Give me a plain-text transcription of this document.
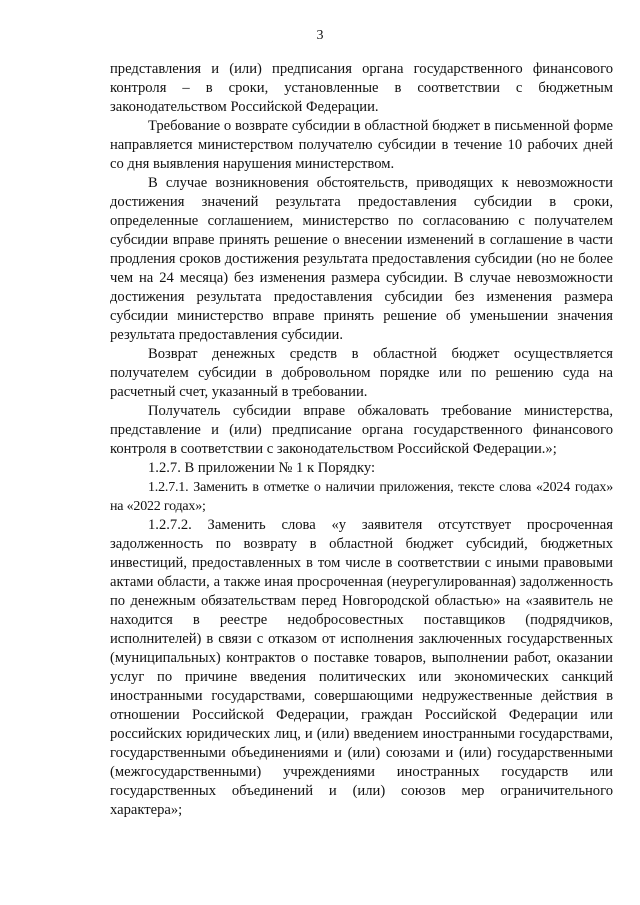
3

представления и (или) предписания органа государственного финансового контроля – в сроки, установленные в соответствии с бюджетным законодательством Российской Федерации.

Требование о возврате субсидии в областной бюджет в письменной форме направляется министерством получателю субсидии в течение 10 рабочих дней со дня выявления нарушения министерством.

В случае возникновения обстоятельств, приводящих к невозможности достижения значений результата предоставления субсидии в сроки, определенные соглашением, министерство по согласованию с получателем субсидии вправе принять решение о внесении изменений в соглашение в части продления сроков достижения результата предоставления субсидии (но не более чем на 24 месяца) без изменения размера субсидии. В случае невозможности достижения результата предоставления субсидии без изменения размера субсидии министерство вправе принять решение об уменьшении значения результата предоставления субсидии.

Возврат денежных средств в областной бюджет осуществляется получателем субсидии в добровольном порядке или по решению суда на расчетный счет, указанный в требовании.

Получатель субсидии вправе обжаловать требование министерства, представление и (или) предписание органа государственного финансового контроля в соответствии с законодательством Российской Федерации.»;

1.2.7. В приложении № 1 к Порядку:

1.2.7.1. Заменить в отметке о наличии приложения, тексте слова «2024 годах» на «2022 годах»;

1.2.7.2. Заменить слова «у заявителя отсутствует просроченная задолженность по возврату в областной бюджет субсидий, бюджетных инвестиций, предоставленных в том числе в соответствии с иными правовыми актами области, а также иная просроченная (неурегулированная) задолженность по денежным обязательствам перед Новгородской областью» на «заявитель не находится в реестре недобросовестных поставщиков (подрядчиков, исполнителей) в связи с отказом от исполнения заключенных государственных (муниципальных) контрактов о поставке товаров, выполнении работ, оказании услуг по причине введения политических или экономических санкций иностранными государствами, совершающими недружественные действия в отношении Российской Федерации, граждан Российской Федерации или российских юридических лиц, и (или) введением иностранными государствами, государственными объединениями и (или) союзами и (или) государственными (межгосударственными) учреждениями иностранных государств или государственных объединений и (или) союзов мер ограничительного характера»;
